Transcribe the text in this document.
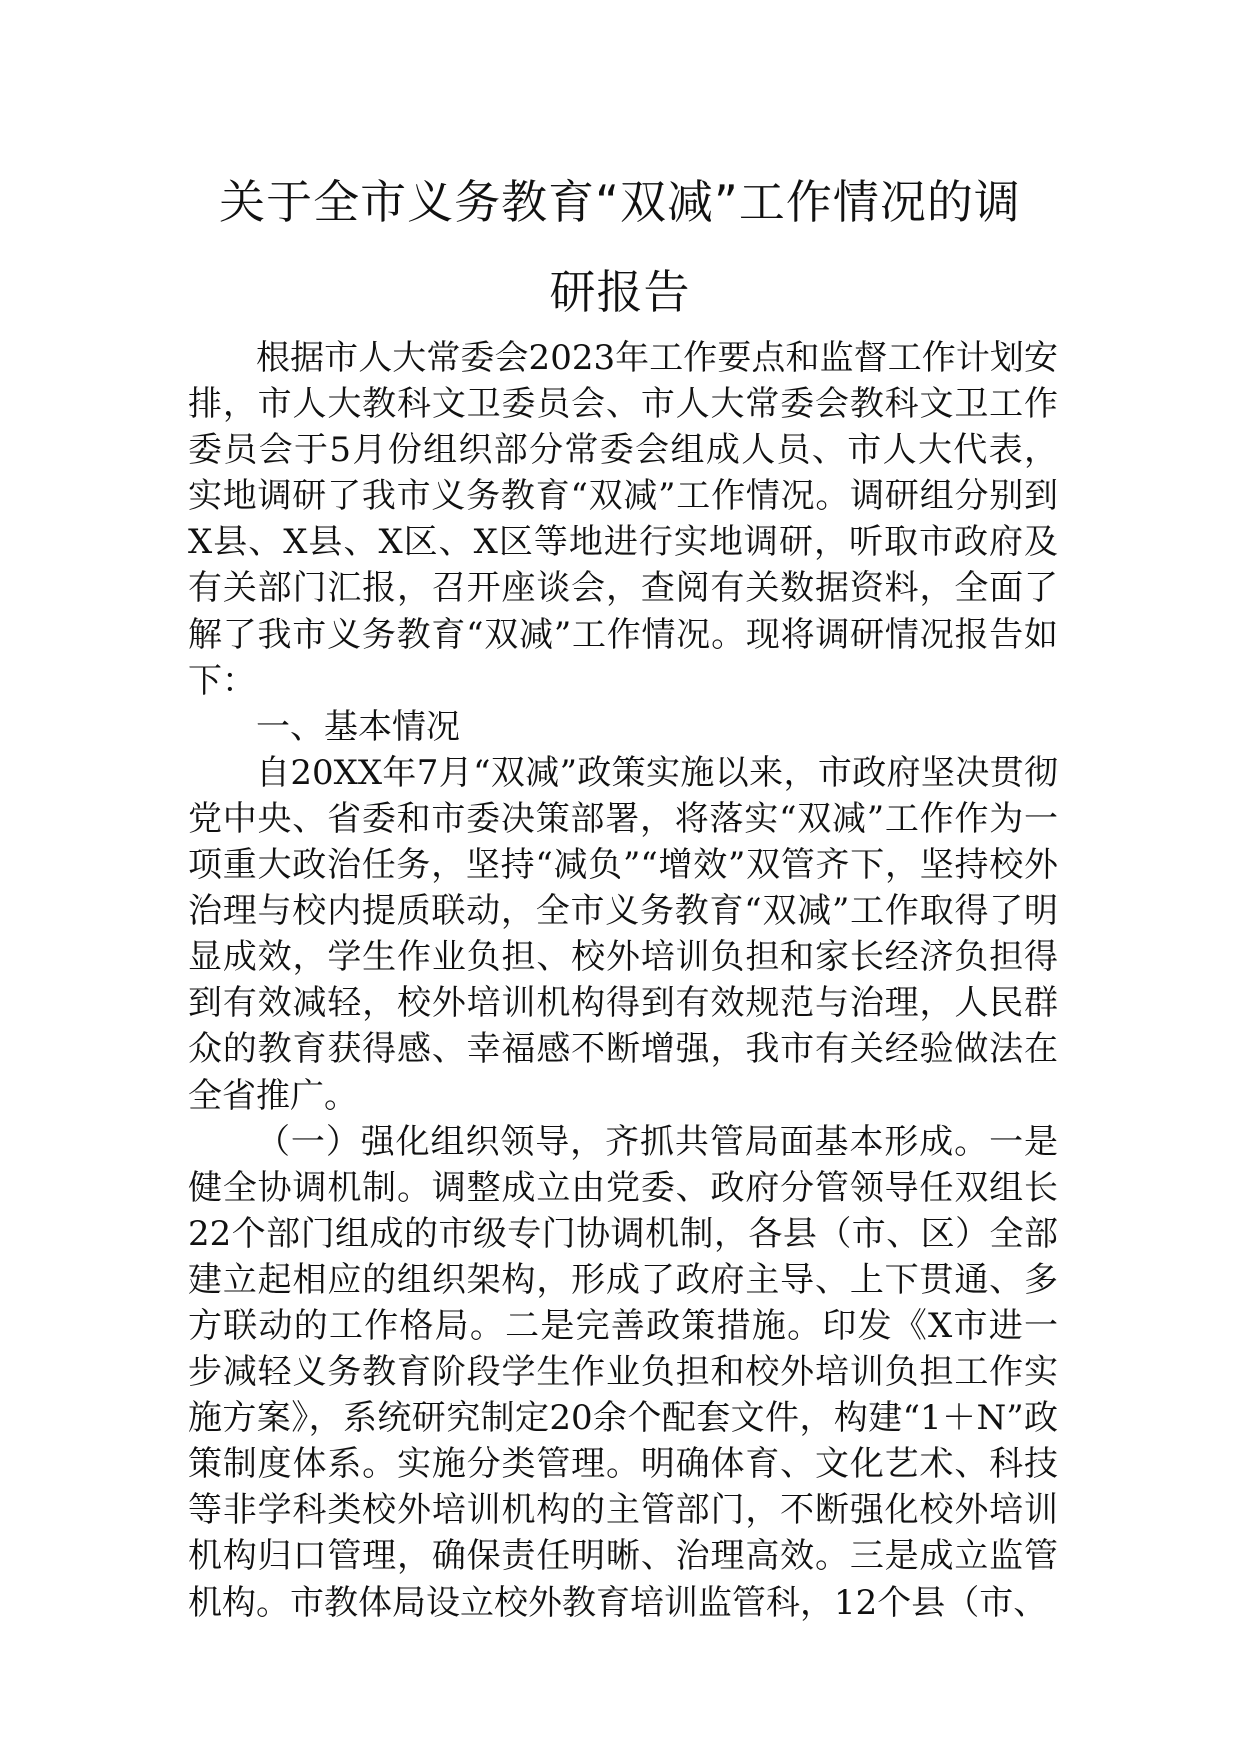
关于全市义务教育“双减”工作情况的调
研报告

根据市人大常委会2023年工作要点和监督工作计划安排，市人大教科文卫委员会、市人大常委会教科文卫工作委员会于5月份组织部分常委会组成人员、市人大代表，实地调研了我市义务教育“双减”工作情况。调研组分别到X县、X县、X区、X区等地进行实地调研，听取市政府及有关部门汇报，召开座谈会，查阅有关数据资料，全面了解了我市义务教育“双减”工作情况。现将调研情况报告如下：

一、基本情况

自20XX年7月“双减”政策实施以来，市政府坚决贯彻党中央、省委和市委决策部署，将落实“双减”工作作为一项重大政治任务，坚持“减负”“增效”双管齐下，坚持校外治理与校内提质联动，全市义务教育“双减”工作取得了明显成效，学生作业负担、校外培训负担和家长经济负担得到有效减轻，校外培训机构得到有效规范与治理，人民群众的教育获得感、幸福感不断增强，我市有关经验做法在全省推广。

（一）强化组织领导，齐抓共管局面基本形成。一是健全协调机制。调整成立由党委、政府分管领导任双组长22个部门组成的市级专门协调机制，各县（市、区）全部建立起相应的组织架构，形成了政府主导、上下贯通、多方联动的工作格局。二是完善政策措施。印发《X市进一步减轻义务教育阶段学生作业负担和校外培训负担工作实施方案》，系统研究制定20余个配套文件，构建“1＋N”政策制度体系。实施分类管理。明确体育、文化艺术、科技等非学科类校外培训机构的主管部门，不断强化校外培训机构归口管理，确保责任明晰、治理高效。三是成立监管机构。市教体局设立校外教育培训监管科，12个县（市、
